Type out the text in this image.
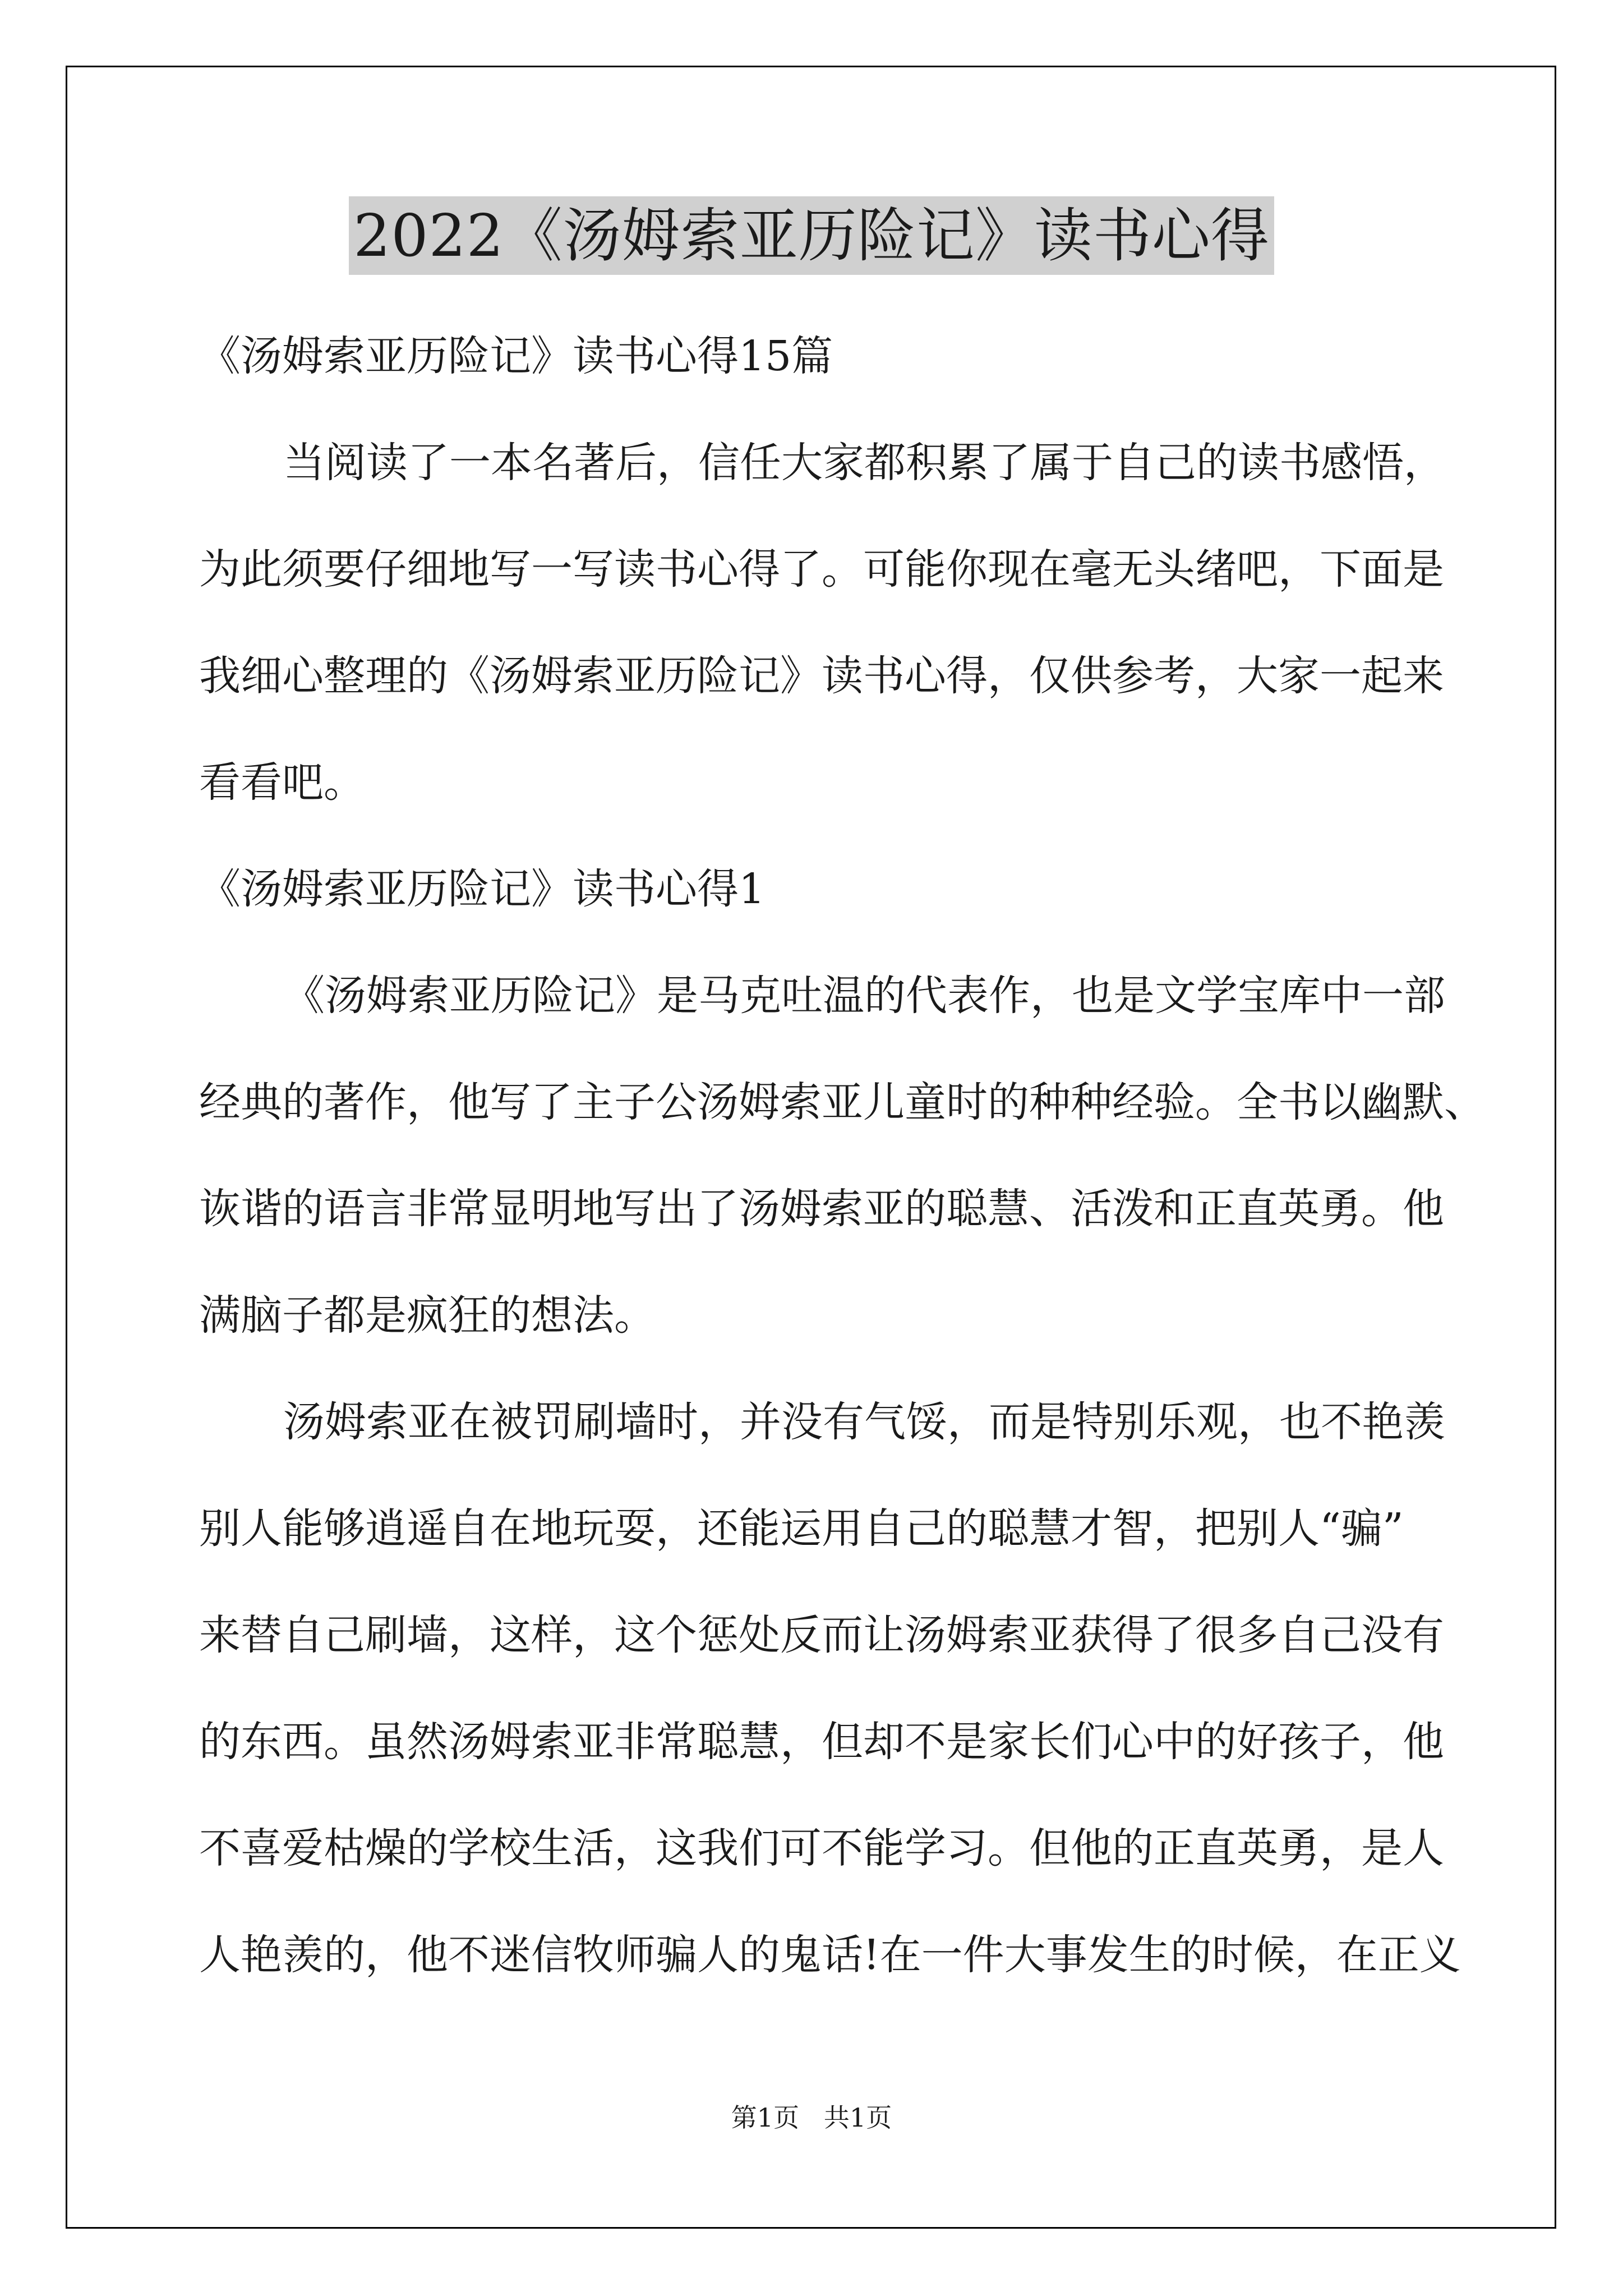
2022《汤姆索亚历险记》读书心得

《汤姆索亚历险记》读书心得15篇

当阅读了一本名著后，信任大家都积累了属于自己的读书感悟，

为此须要仔细地写一写读书心得了。可能你现在毫无头绪吧，下面是

我细心整理的《汤姆索亚历险记》读书心得，仅供参考，大家一起来

看看吧。

《汤姆索亚历险记》读书心得1

《汤姆索亚历险记》是马克吐温的代表作，也是文学宝库中一部

经典的著作，他写了主子公汤姆索亚儿童时的种种经验。全书以幽默、

诙谐的语言非常显明地写出了汤姆索亚的聪慧、活泼和正直英勇。他

满脑子都是疯狂的想法。

汤姆索亚在被罚刷墙时，并没有气馁，而是特别乐观，也不艳羡

别人能够逍遥自在地玩耍，还能运用自己的聪慧才智，把别人“骗”

来替自己刷墙，这样，这个惩处反而让汤姆索亚获得了很多自己没有

的东西。虽然汤姆索亚非常聪慧，但却不是家长们心中的好孩子，他

不喜爱枯燥的学校生活，这我们可不能学习。但他的正直英勇，是人

人艳羡的，他不迷信牧师骗人的鬼话!在一件大事发生的时候，在正义

第1页   共1页
